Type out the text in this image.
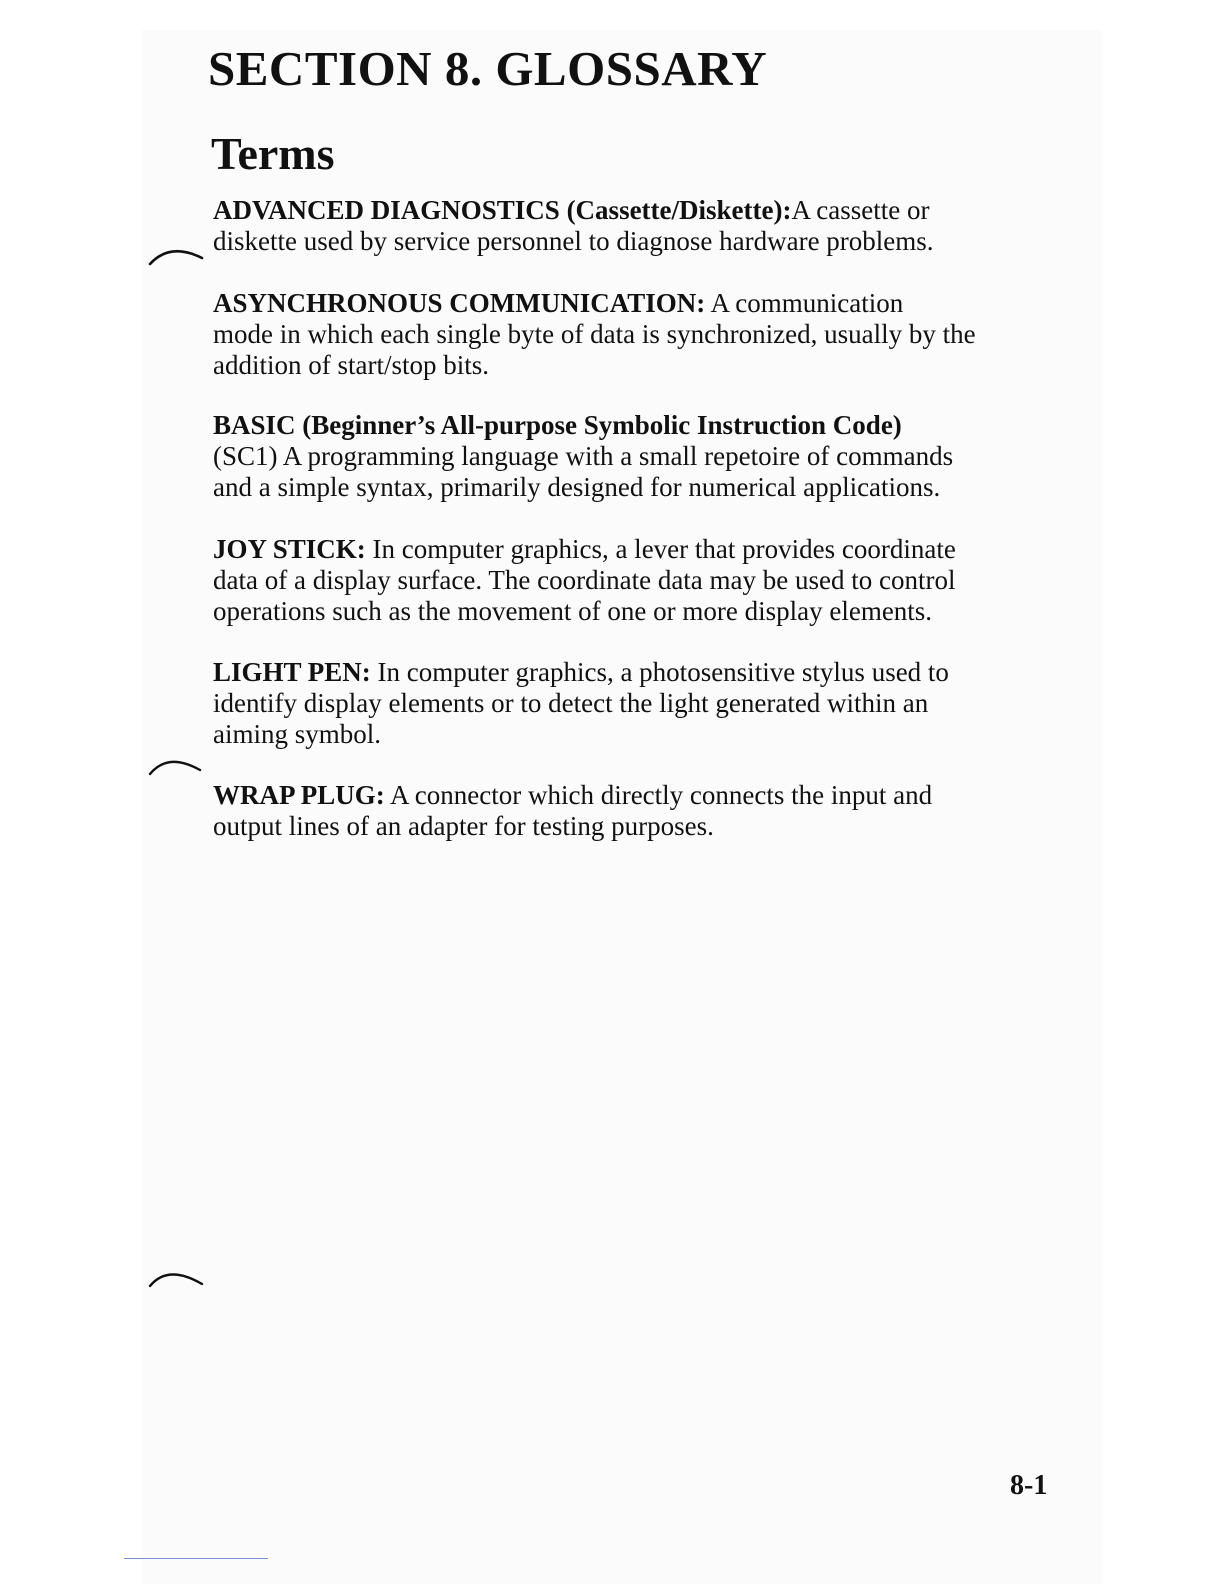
SECTION 8. GLOSSARY
Terms

ADVANCED DIAGNOSTICS (Cassette/Diskette):A cassette or
diskette used by service personnel to diagnose hardware problems.

ASYNCHRONOUS COMMUNICATION: A communication
mode in which each single byte of data is synchronized, usually by the
addition of start/stop bits.

BASIC (Beginner’s All-purpose Symbolic Instruction Code)
(SC1) A programming language with a small repetoire of commands
and a simple syntax, primarily designed for numerical applications.

JOY STICK: In computer graphics, a lever that provides coordinate
data of a display surface. The coordinate data may be used to control
operations such as the movement of one or more display elements.

LIGHT PEN: In computer graphics, a photosensitive stylus used to
identify display elements or to detect the light generated within an
aiming symbol.

WRAP PLUG: A connector which directly connects the input and
output lines of an adapter for testing purposes.

8-1
